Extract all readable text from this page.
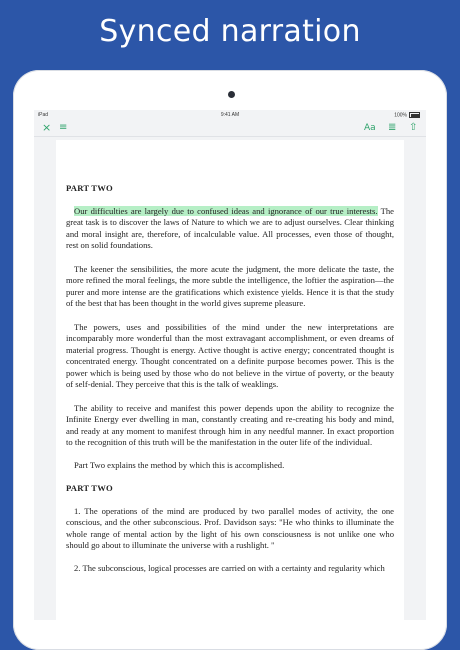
Synced narration
iPad	9:41 AM	100%
× ≡	Aa ≣ ⇧
PART TWO

Our difficulties are largely due to confused ideas and ignorance of our true interests. The great task is to discover the laws of Nature to which we are to adjust ourselves. Clear thinking and moral insight are, therefore, of incalculable value. All processes, even those of thought, rest on solid foundations.

The keener the sensibilities, the more acute the judgment, the more delicate the taste, the more refined the moral feelings, the more subtle the intelligence, the loftier the aspiration—the purer and more intense are the gratifications which existence yields. Hence it is that the study of the best that has been thought in the world gives supreme pleasure.

The powers, uses and possibilities of the mind under the new interpretations are incomparably more wonderful than the most extravagant accomplishment, or even dreams of material progress. Thought is energy. Active thought is active energy; concentrated thought is concentrated energy. Thought concentrated on a definite purpose becomes power. This is the power which is being used by those who do not believe in the virtue of poverty, or the beauty of self-denial. They perceive that this is the talk of weaklings.

The ability to receive and manifest this power depends upon the ability to recognize the Infinite Energy ever dwelling in man, constantly creating and re-creating his body and mind, and ready at any moment to manifest through him in any needful manner. In exact proportion to the recognition of this truth will be the manifestation in the outer life of the individual.

Part Two explains the method by which this is accomplished.

PART TWO

1. The operations of the mind are produced by two parallel modes of activity, the one conscious, and the other subconscious. Prof. Davidson says: "He who thinks to illuminate the whole range of mental action by the light of his own consciousness is not unlike one who should go about to illuminate the universe with a rushlight. "

2. The subconscious, logical processes are carried on with a certainty and regularity which
